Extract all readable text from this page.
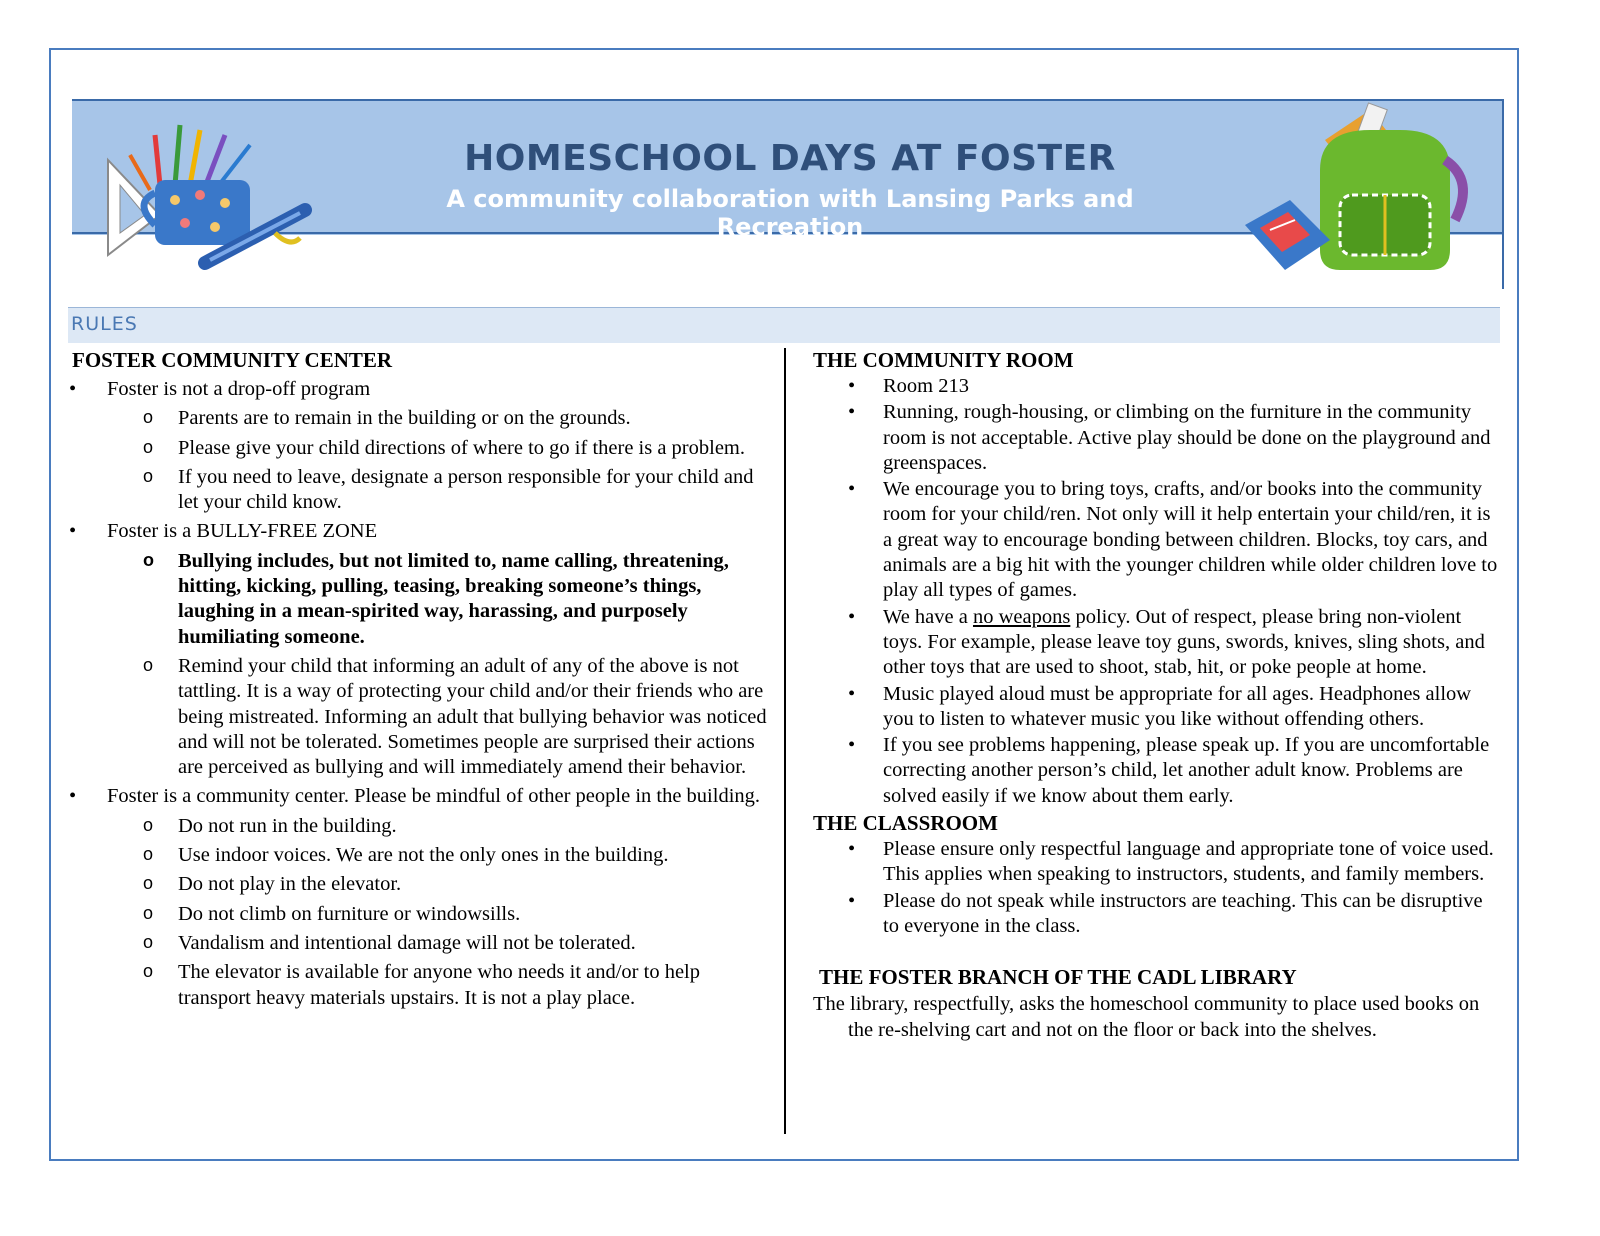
HOMESCHOOL DAYS AT FOSTER
A community collaboration with Lansing Parks and Recreation
RULES
FOSTER COMMUNITY CENTER
• Foster is not a drop-off program
o Parents are to remain in the building or on the grounds.
o Please give your child directions of where to go if there is a problem.
o If you need to leave, designate a person responsible for your child and let your child know.
• Foster is a BULLY-FREE ZONE
o Bullying includes, but not limited to, name calling, threatening, hitting, kicking, pulling, teasing, breaking someone’s things, laughing in a mean-spirited way, harassing, and purposely humiliating someone.
o Remind your child that informing an adult of any of the above is not tattling. It is a way of protecting your child and/or their friends who are being mistreated. Informing an adult that bullying behavior was noticed and will not be tolerated. Sometimes people are surprised their actions are perceived as bullying and will immediately amend their behavior.
• Foster is a community center. Please be mindful of other people in the building.
o Do not run in the building.
o Use indoor voices. We are not the only ones in the building.
o Do not play in the elevator.
o Do not climb on furniture or windowsills.
o Vandalism and intentional damage will not be tolerated.
o The elevator is available for anyone who needs it and/or to help transport heavy materials upstairs. It is not a play place.
THE COMMUNITY ROOM
• Room 213
• Running, rough-housing, or climbing on the furniture in the community room is not acceptable. Active play should be done on the playground and greenspaces.
• We encourage you to bring toys, crafts, and/or books into the community room for your child/ren. Not only will it help entertain your child/ren, it is a great way to encourage bonding between children. Blocks, toy cars, and animals are a big hit with the younger children while older children love to play all types of games.
• We have a no weapons policy. Out of respect, please bring non-violent toys. For example, please leave toy guns, swords, knives, sling shots, and other toys that are used to shoot, stab, hit, or poke people at home.
• Music played aloud must be appropriate for all ages. Headphones allow you to listen to whatever music you like without offending others.
• If you see problems happening, please speak up. If you are uncomfortable correcting another person’s child, let another adult know. Problems are solved easily if we know about them early.
THE CLASSROOM
• Please ensure only respectful language and appropriate tone of voice used. This applies when speaking to instructors, students, and family members.
• Please do not speak while instructors are teaching. This can be disruptive to everyone in the class.
THE FOSTER BRANCH OF THE CADL LIBRARY

The library, respectfully, asks the homeschool community to place used books on the re-shelving cart and not on the floor or back into the shelves.
